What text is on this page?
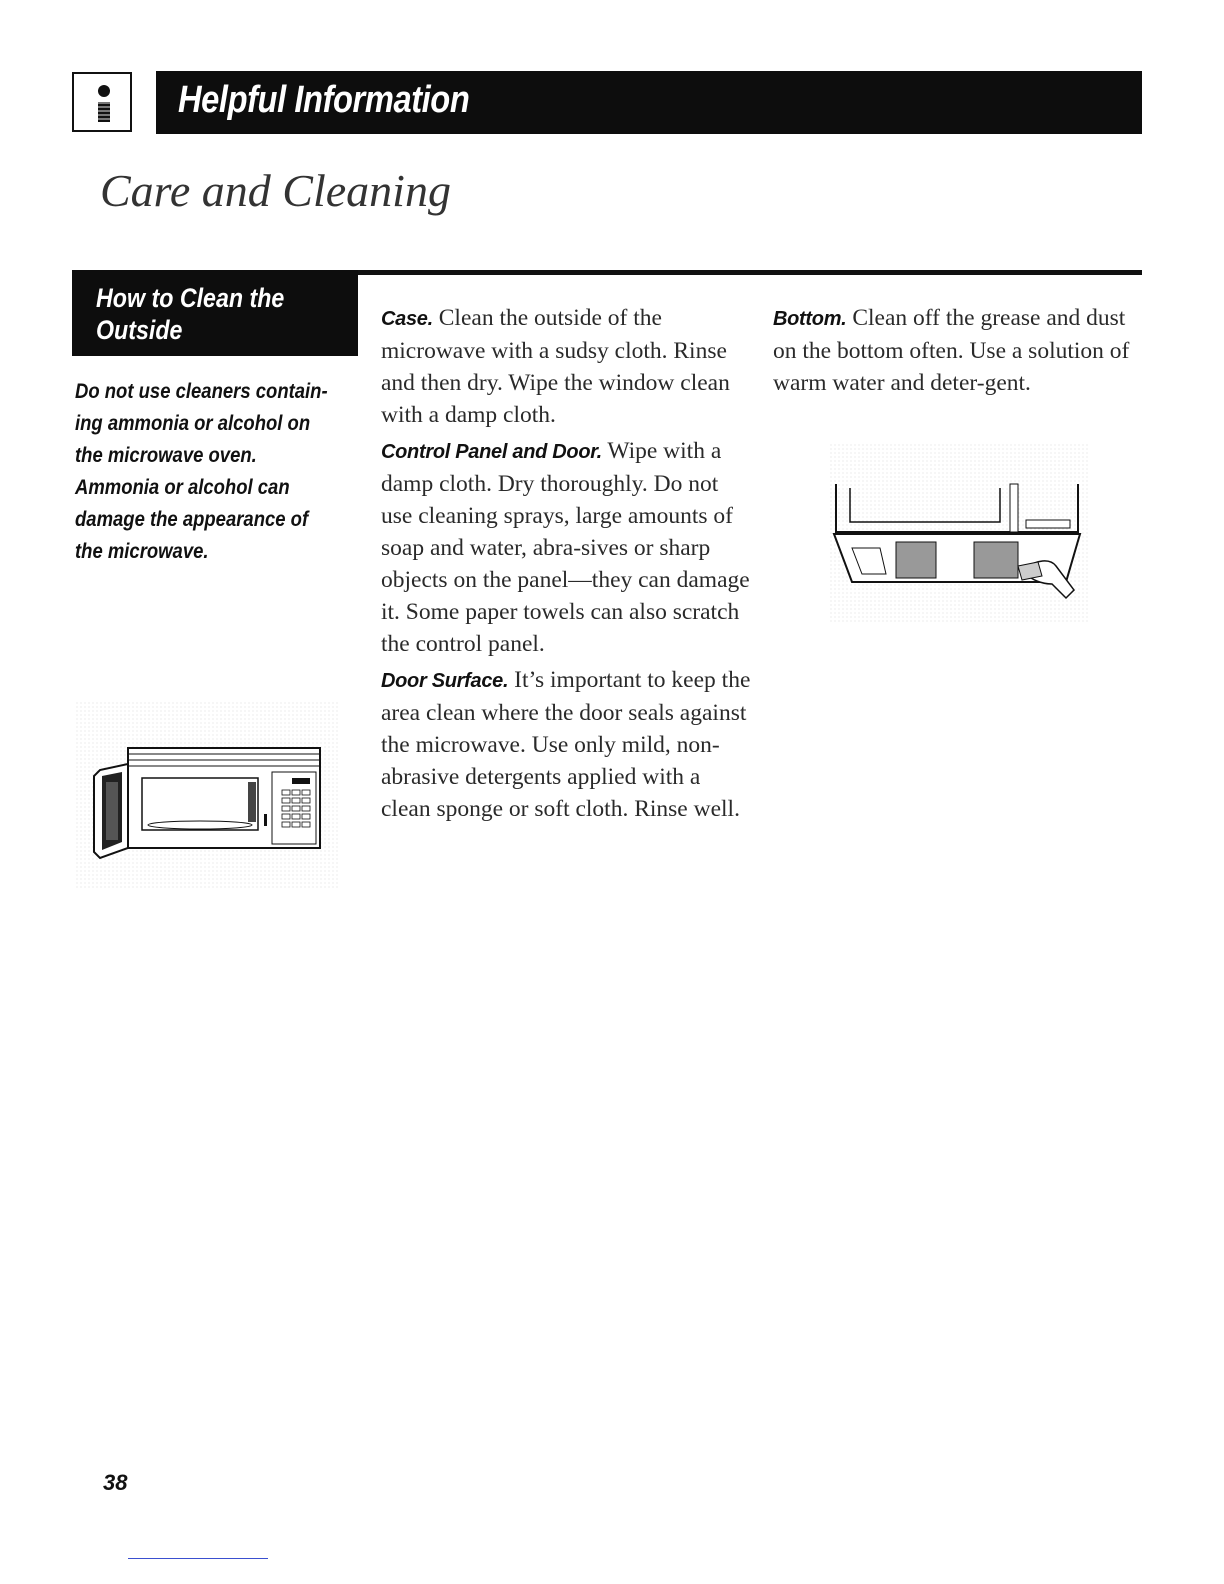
Helpful Information
Care and Cleaning
How to Clean the Outside
Do not use cleaners contain-ing ammonia or alcohol on the microwave oven. Ammonia or alcohol can damage the appearance of the microwave.

Case. Clean the outside of the microwave with a sudsy cloth. Rinse and then dry. Wipe the window clean with a damp cloth.

Control Panel and Door. Wipe with a damp cloth. Dry thoroughly. Do not use cleaning sprays, large amounts of soap and water, abra-sives or sharp objects on the panel—they can damage it. Some paper towels can also scratch the control panel.

Door Surface. It’s important to keep the area clean where the door seals against the microwave. Use only mild, non-abrasive detergents applied with a clean sponge or soft cloth. Rinse well.

Bottom. Clean off the grease and dust on the bottom often. Use a solution of warm water and deter-gent.

38
